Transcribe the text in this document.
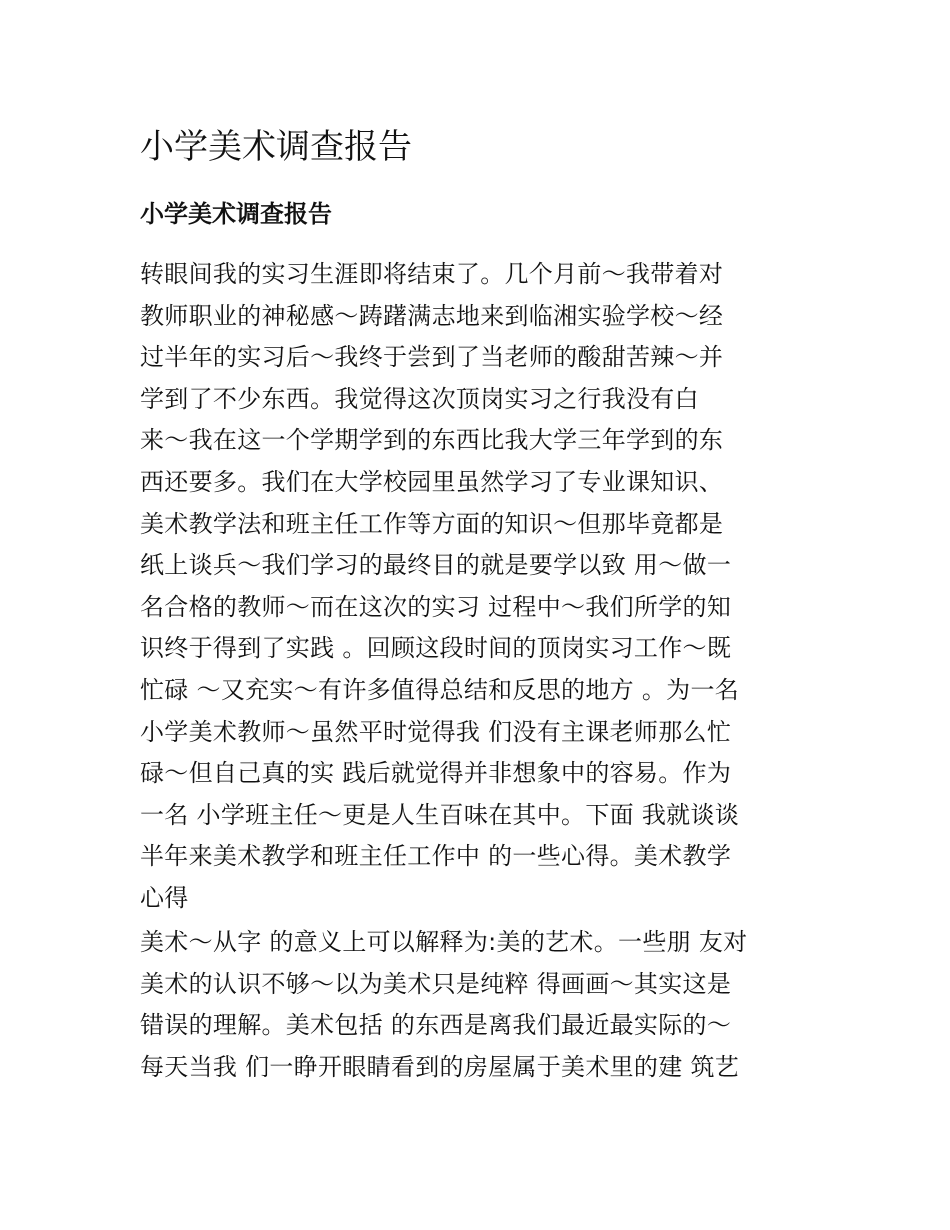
小学美术调查报告
小学美术调查报告
转眼间我的实习生涯即将结束了。几个月前～我带着对
教师职业的神秘感～踌躇满志地来到临湘实验学校～经
过半年的实习后～我终于尝到了当老师的酸甜苦辣～并
学到了不少东西。我觉得这次顶岗实习之行我没有白
来～我在这一个学期学到的东西比我大学三年学到的东
西还要多。我们在大学校园里虽然学习了专业课知识、
美术教学法和班主任工作等方面的知识～但那毕竟都是
纸上谈兵～我们学习的最终目的就是要学以致 用～做一
名合格的教师～而在这次的实习 过程中～我们所学的知
识终于得到了实践 。回顾这段时间的顶岗实习工作～既
忙碌 ～又充实～有许多值得总结和反思的地方 。为一名
小学美术教师～虽然平时觉得我 们没有主课老师那么忙
碌～但自己真的实 践后就觉得并非想象中的容易。作为
一名 小学班主任～更是人生百味在其中。下面 我就谈谈
半年来美术教学和班主任工作中 的一些心得。美术教学
心得
美术～从字 的意义上可以解释为:美的艺术。一些朋 友对
美术的认识不够～以为美术只是纯粹 得画画～其实这是
错误的理解。美术包括 的东西是离我们最近最实际的～
每天当我 们一睁开眼睛看到的房屋属于美术里的建 筑艺
